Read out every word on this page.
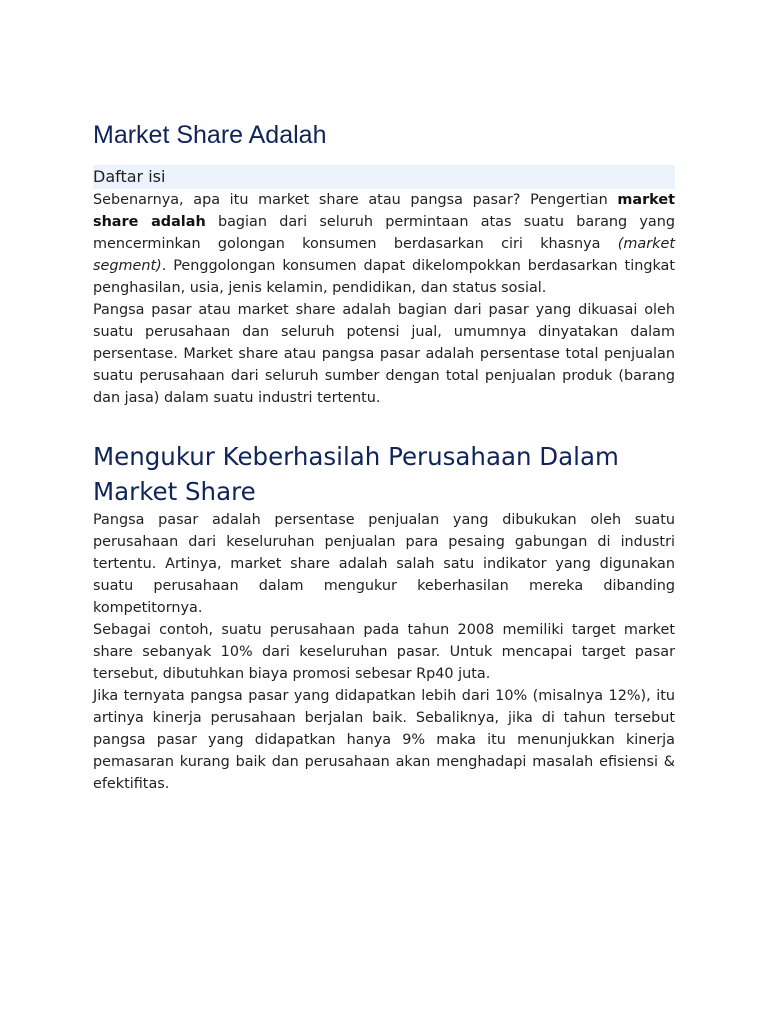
Market Share Adalah
Daftar isi

Sebenarnya, apa itu market share atau pangsa pasar? Pengertian market share adalah bagian dari seluruh permintaan atas suatu barang yang mencerminkan golongan konsumen berdasarkan ciri khasnya (market segment). Penggolongan konsumen dapat dikelompokkan berdasarkan tingkat penghasilan, usia, jenis kelamin, pendidikan, dan status sosial.

Pangsa pasar atau market share adalah bagian dari pasar yang dikuasai oleh suatu perusahaan dan seluruh potensi jual, umumnya dinyatakan dalam persentase. Market share atau pangsa pasar adalah persentase total penjualan suatu perusahaan dari seluruh sumber dengan total penjualan produk (barang dan jasa) dalam suatu industri tertentu.

Mengukur Keberhasilah Perusahaan Dalam Market Share

Pangsa pasar adalah persentase penjualan yang dibukukan oleh suatu perusahaan dari keseluruhan penjualan para pesaing gabungan di industri tertentu. Artinya, market share adalah salah satu indikator yang digunakan suatu perusahaan dalam mengukur keberhasilan mereka dibanding kompetitornya.

Sebagai contoh, suatu perusahaan pada tahun 2008 memiliki target market share sebanyak 10% dari keseluruhan pasar. Untuk mencapai target pasar tersebut, dibutuhkan biaya promosi sebesar Rp40 juta.

Jika ternyata pangsa pasar yang didapatkan lebih dari 10% (misalnya 12%), itu artinya kinerja perusahaan berjalan baik. Sebaliknya, jika di tahun tersebut pangsa pasar yang didapatkan hanya 9% maka itu menunjukkan kinerja pemasaran kurang baik dan perusahaan akan menghadapi masalah efisiensi & efektifitas.
